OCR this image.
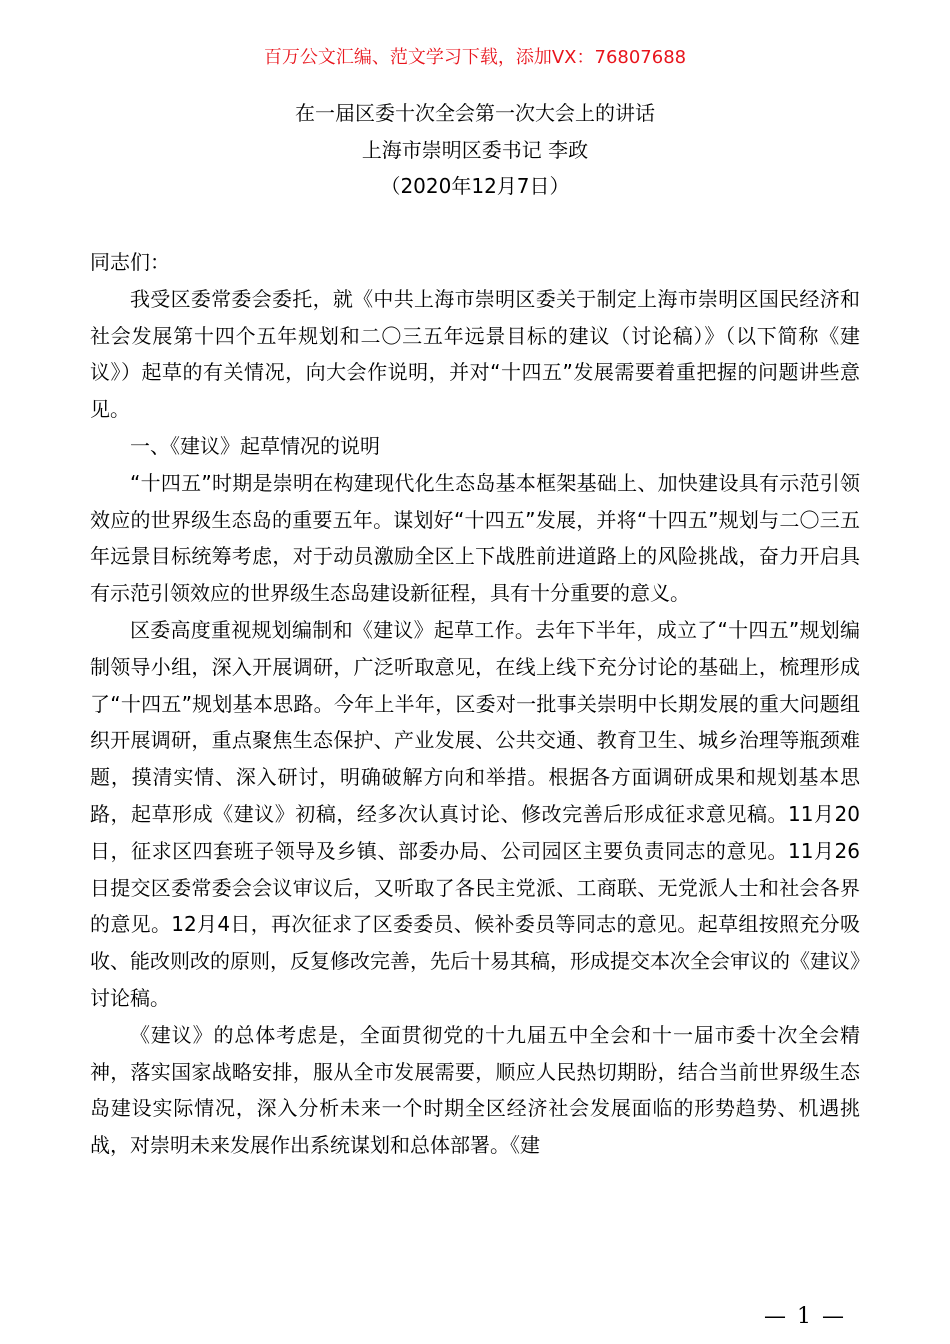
百万公文汇编、范文学习下载，添加VX：76807688
在一届区委十次全会第一次大会上的讲话
上海市崇明区委书记 李政
（2020年12月7日）

同志们：

我受区委常委会委托，就《中共上海市崇明区委关于制定上海市崇明区国民经济和社会发展第十四个五年规划和二〇三五年远景目标的建议（讨论稿）》（以下简称《建议》）起草的有关情况，向大会作说明，并对“十四五”发展需要着重把握的问题讲些意见。

一、《建议》起草情况的说明

“十四五”时期是崇明在构建现代化生态岛基本框架基础上、加快建设具有示范引领效应的世界级生态岛的重要五年。谋划好“十四五”发展，并将“十四五”规划与二〇三五年远景目标统筹考虑，对于动员激励全区上下战胜前进道路上的风险挑战，奋力开启具有示范引领效应的世界级生态岛建设新征程，具有十分重要的意义。

区委高度重视规划编制和《建议》起草工作。去年下半年，成立了“十四五”规划编制领导小组，深入开展调研，广泛听取意见，在线上线下充分讨论的基础上，梳理形成了“十四五”规划基本思路。今年上半年，区委对一批事关崇明中长期发展的重大问题组织开展调研，重点聚焦生态保护、产业发展、公共交通、教育卫生、城乡治理等瓶颈难题，摸清实情、深入研讨，明确破解方向和举措。根据各方面调研成果和规划基本思路，起草形成《建议》初稿，经多次认真讨论、修改完善后形成征求意见稿。11月20日，征求区四套班子领导及乡镇、部委办局、公司园区主要负责同志的意见。11月26日提交区委常委会会议审议后，又听取了各民主党派、工商联、无党派人士和社会各界的意见。12月4日，再次征求了区委委员、候补委员等同志的意见。起草组按照充分吸收、能改则改的原则，反复修改完善，先后十易其稿，形成提交本次全会审议的《建议》讨论稿。

《建议》的总体考虑是，全面贯彻党的十九届五中全会和十一届市委十次全会精神，落实国家战略安排，服从全市发展需要，顺应人民热切期盼，结合当前世界级生态岛建设实际情况，深入分析未来一个时期全区经济社会发展面临的形势趋势、机遇挑战，对崇明未来发展作出系统谋划和总体部署。《建

— 1 —
